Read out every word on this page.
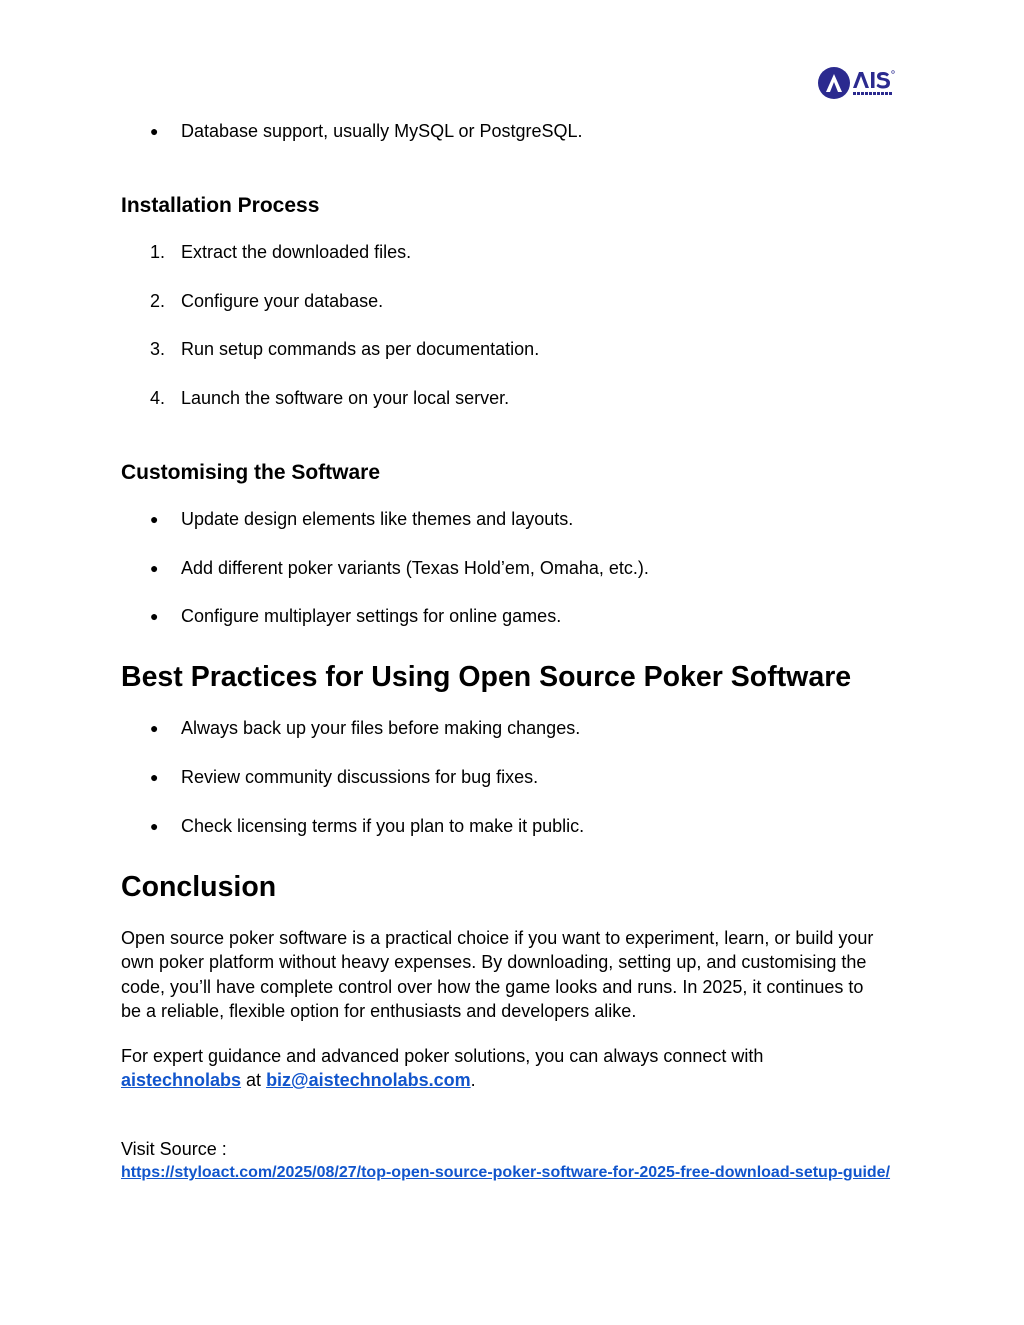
● Database support, usually MySQL or PostgreSQL.
Installation Process
1. Extract the downloaded files.
2. Configure your database.
3. Run setup commands as per documentation.
4. Launch the software on your local server.
Customising the Software
● Update design elements like themes and layouts.
● Add different poker variants (Texas Hold’em, Omaha, etc.).
● Configure multiplayer settings for online games.
Best Practices for Using Open Source Poker Software
● Always back up your files before making changes.
● Review community discussions for bug fixes.
● Check licensing terms if you plan to make it public.
Conclusion
Open source poker software is a practical choice if you want to experiment, learn, or build your
own poker platform without heavy expenses. By downloading, setting up, and customising the
code, you’ll have complete control over how the game looks and runs. In 2025, it continues to
be a reliable, flexible option for enthusiasts and developers alike.
For expert guidance and advanced poker solutions, you can always connect with
aistechnolabs at biz@aistechnolabs.com.
Visit Source :
https://styloact.com/2025/08/27/top-open-source-poker-software-for-2025-free-download-setup-guide/
